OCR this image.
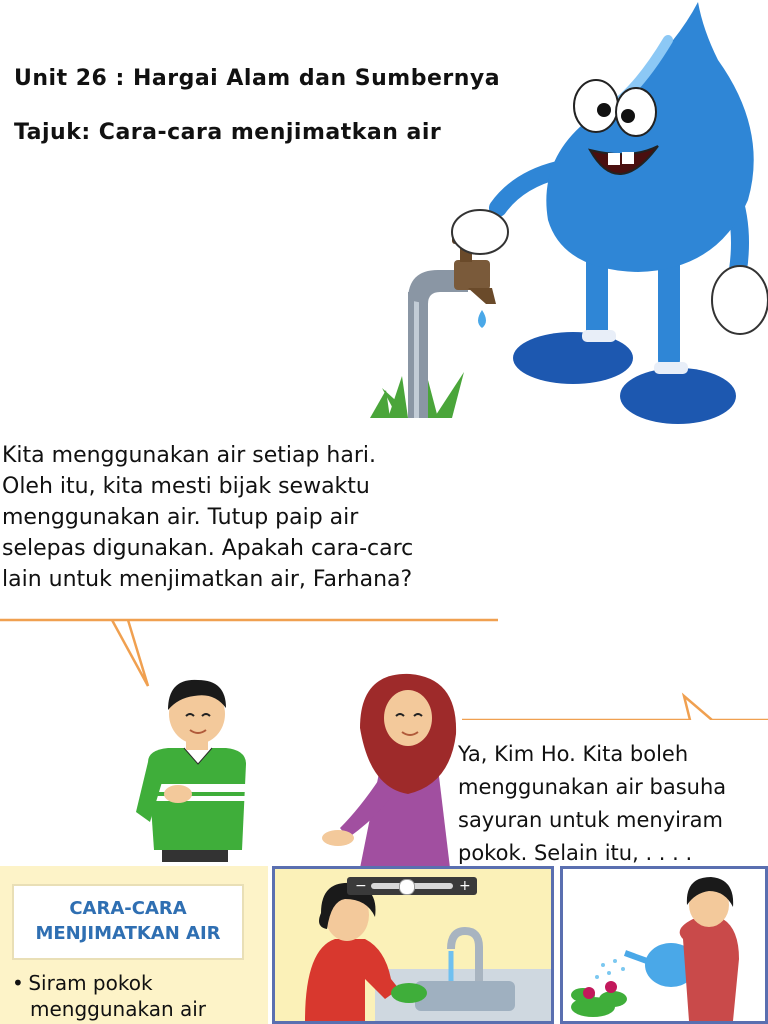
Unit 26 : Hargai Alam dan Sumbernya
Tajuk: Cara-cara menjimatkan air
Kita menggunakan air setiap hari.
Oleh itu, kita mesti bijak sewaktu
menggunakan air. Tutup paip air
selepas digunakan. Apakah cara-carc
lain untuk menjimatkan air, Farhana?
Ya, Kim Ho. Kita boleh
menggunakan air basuha
sayuran untuk menyiram
pokok. Selain itu, . . . .
CARA-CARA
MENJIMATKAN AIR
• Siram pokok
menggunakan air
−	+
